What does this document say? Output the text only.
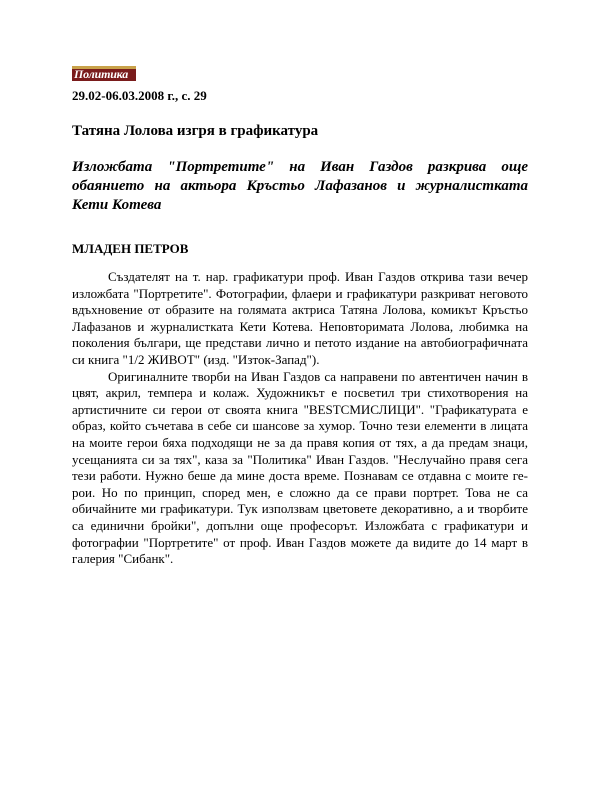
Политика
29.02-06.03.2008 г., с. 29
Татяна Лолова изгря в графикатура
Изложбата "Портретите" на Иван Газдов разкрива още обаянието на актьора Кръстьо Лафазанов и журналистката Кети Котева
МЛАДЕН ПЕТРОВ

Създателят на т. нар. графикатури проф. Иван Газдов открива тази вечер изложбата "Портретите". Фотографии, флаери и графикатури разкриват неговото вдъхновение от образите на голямата актриса Татяна Лолова, комикът Кръстьо Лафазанов и журналистката Кети Котева. Неповторимата Лолова, любимка на поколения българи, ще представи лично и петото издание на автобиографичната си книга "1/2 ЖИВОТ" (изд. "Изток-Запад").

Оригиналните творби на Иван Газдов са направени по автентичен начин в цвят, акрил, темпера и колаж. Художникът е посветил три стихотворения на артистичните си герои от своята книга "BESTСМИСЛИЦИ". "Графикатурата е образ, който съчетава в себе си шансове за хумор. Точно тези елементи в лицата на моите герои бяха подходящи не за да правя копия от тях, а да предам знаци, усещанията си за тях", каза за "Политика" Иван Газдов. "Неслучайно правя сега тези работи. Нужно беше да мине доста време. Познавам се отдавна с моите ге-рои. Но по принцип, според мен, е сложно да се прави портрет. Това не са обичайните ми графикатури. Тук използвам цветовете декоративно, а и творбите са единични бройки", допълни още професорът. Изложбата с графикатури и фотографии "Портретите" от проф. Иван Газдов можете да видите до 14 март в галерия "Сибанк".
